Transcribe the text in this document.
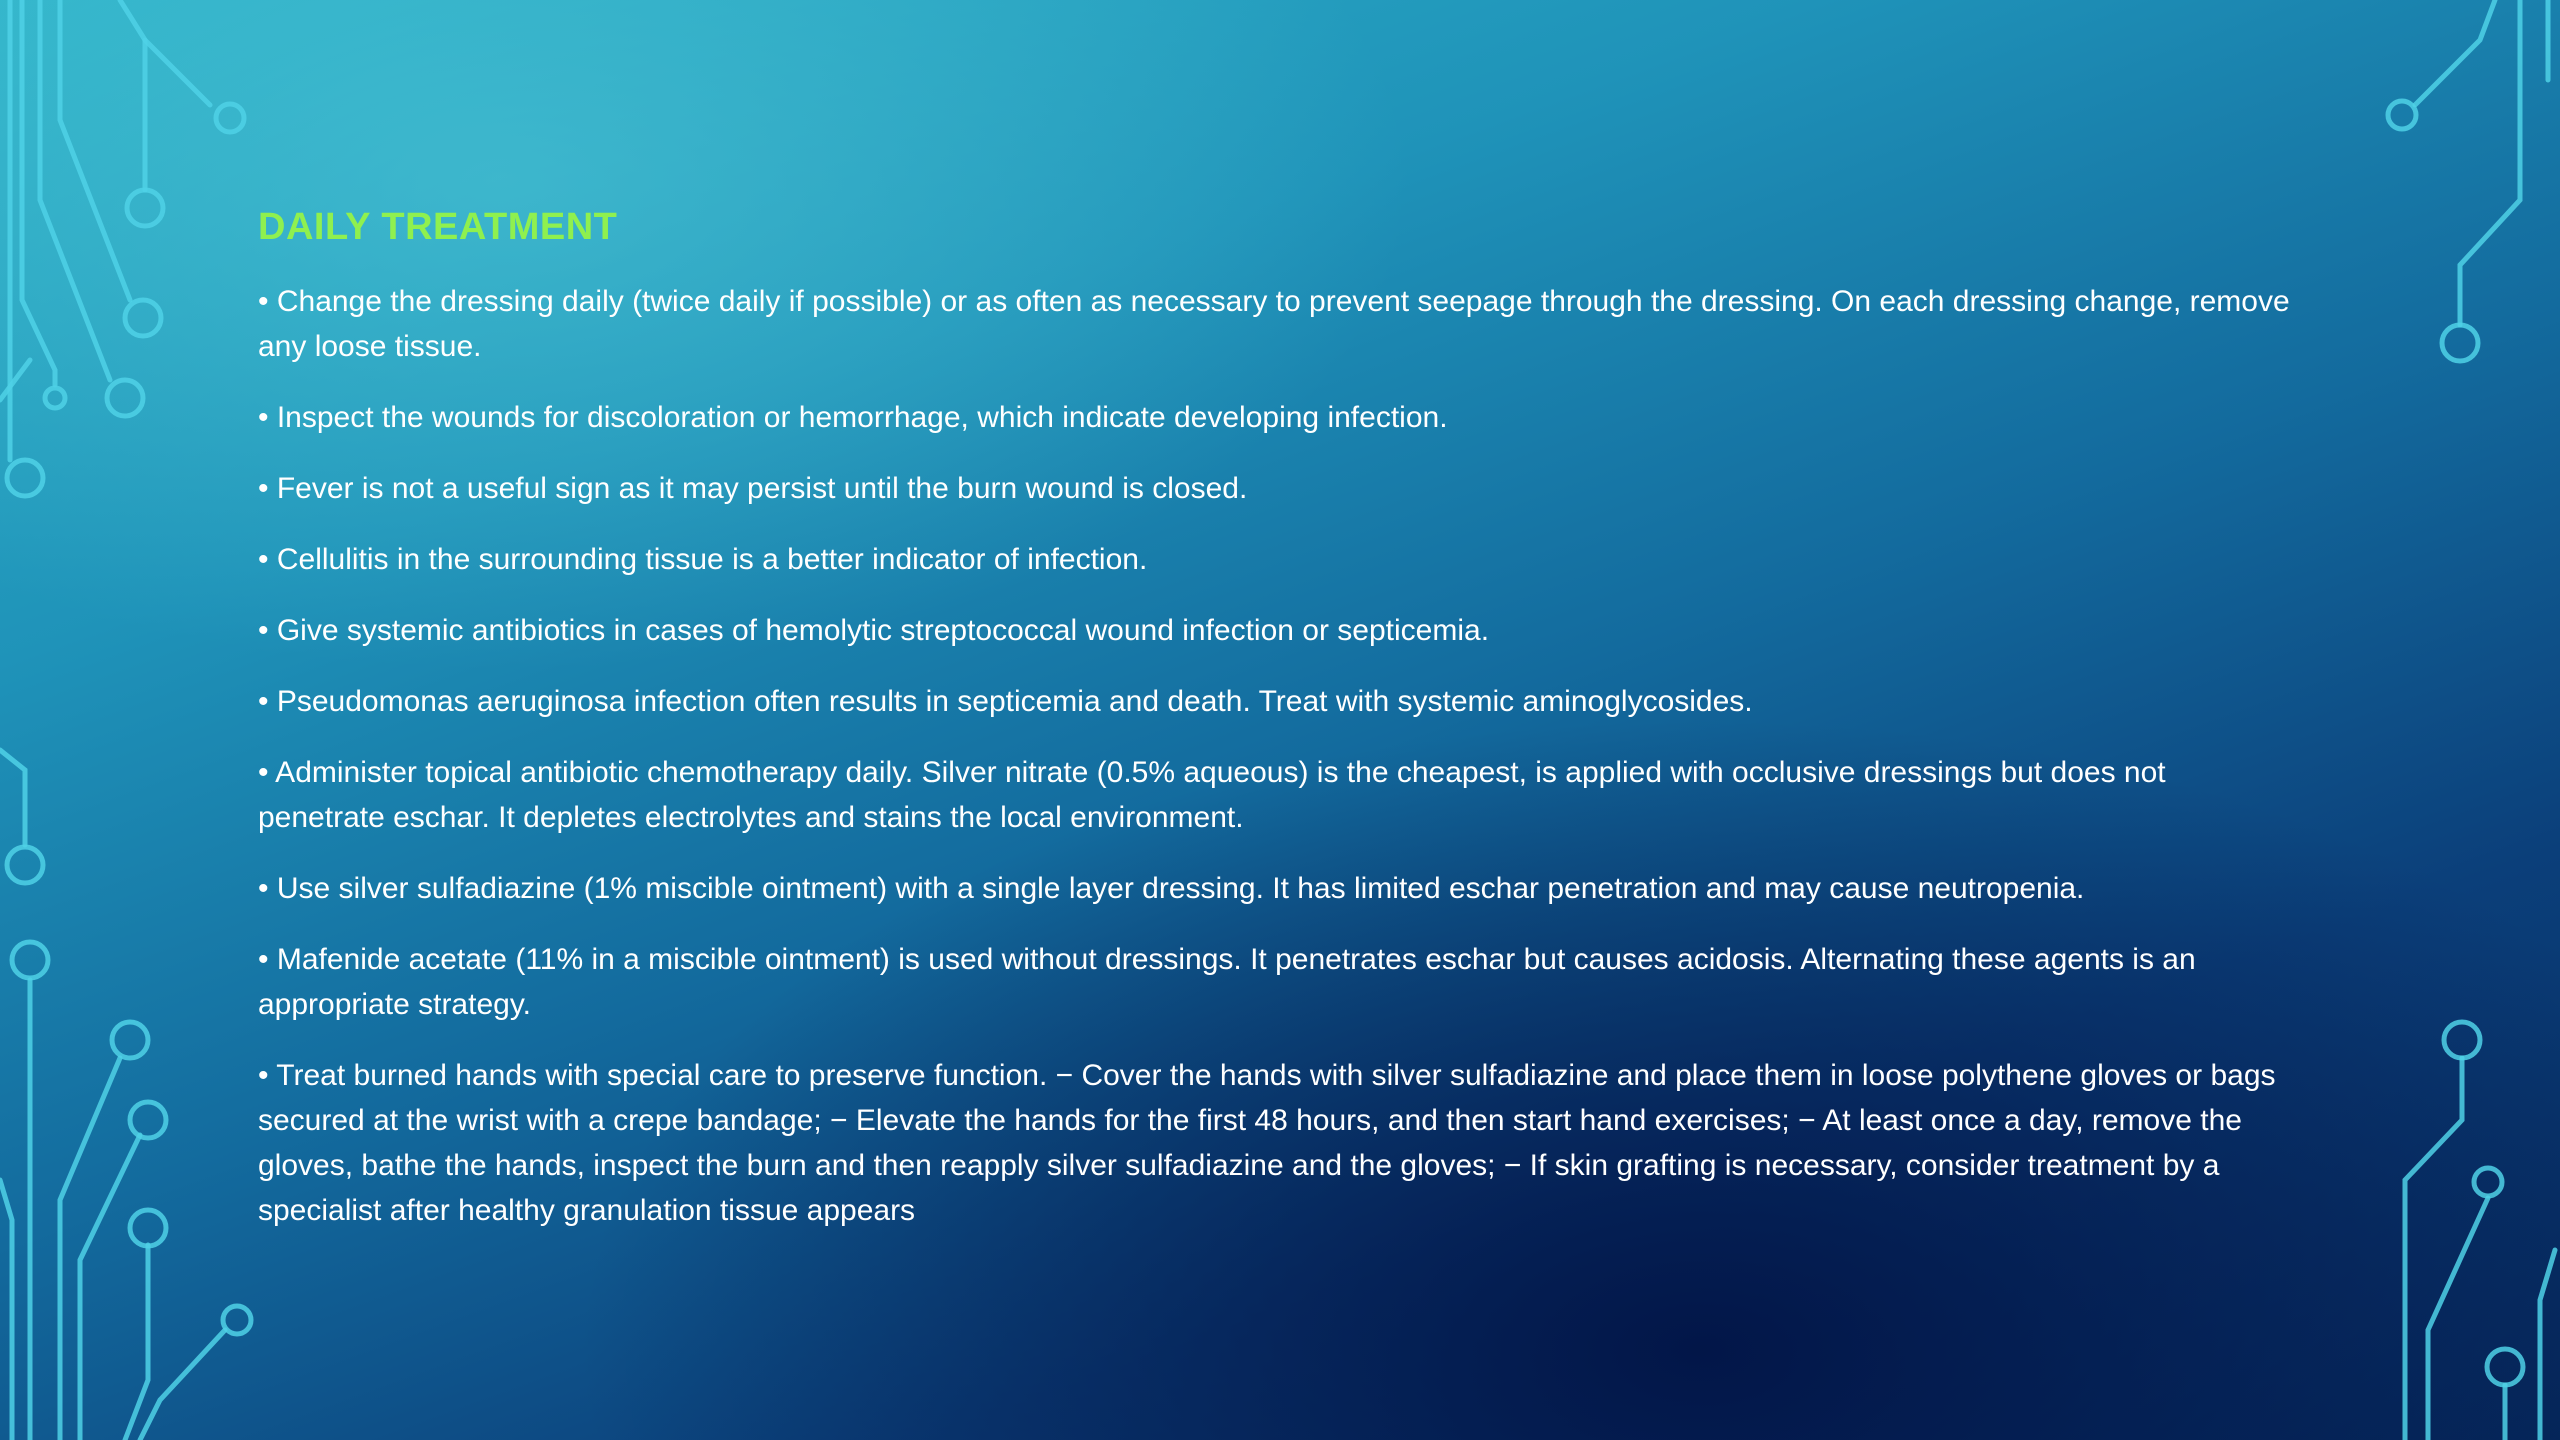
DAILY TREATMENT
• Change the dressing daily (twice daily if possible) or as often as necessary to prevent seepage through the dressing. On each dressing change, remove any loose tissue.
• Inspect the wounds for discoloration or hemorrhage, which indicate developing infection.
• Fever is not a useful sign as it may persist until the burn wound is closed.
• Cellulitis in the surrounding tissue is a better indicator of infection.
• Give systemic antibiotics in cases of hemolytic streptococcal wound infection or septicemia.
• Pseudomonas aeruginosa infection often results in septicemia and death. Treat with systemic aminoglycosides.
• Administer topical antibiotic chemotherapy daily. Silver nitrate (0.5% aqueous) is the cheapest, is applied with occlusive dressings but does not penetrate eschar. It depletes electrolytes and stains the local environment.
• Use silver sulfadiazine (1% miscible ointment) with a single layer dressing. It has limited eschar penetration and may cause neutropenia.
• Mafenide acetate (11% in a miscible ointment) is used without dressings. It penetrates eschar but causes acidosis. Alternating these agents is an appropriate strategy.
• Treat burned hands with special care to preserve function. − Cover the hands with silver sulfadiazine and place them in loose polythene gloves or bags secured at the wrist with a crepe bandage; − Elevate the hands for the first 48 hours, and then start hand exercises; − At least once a day, remove the gloves, bathe the hands, inspect the burn and then reapply silver sulfadiazine and the gloves; − If skin grafting is necessary, consider treatment by a specialist after healthy granulation tissue appears
